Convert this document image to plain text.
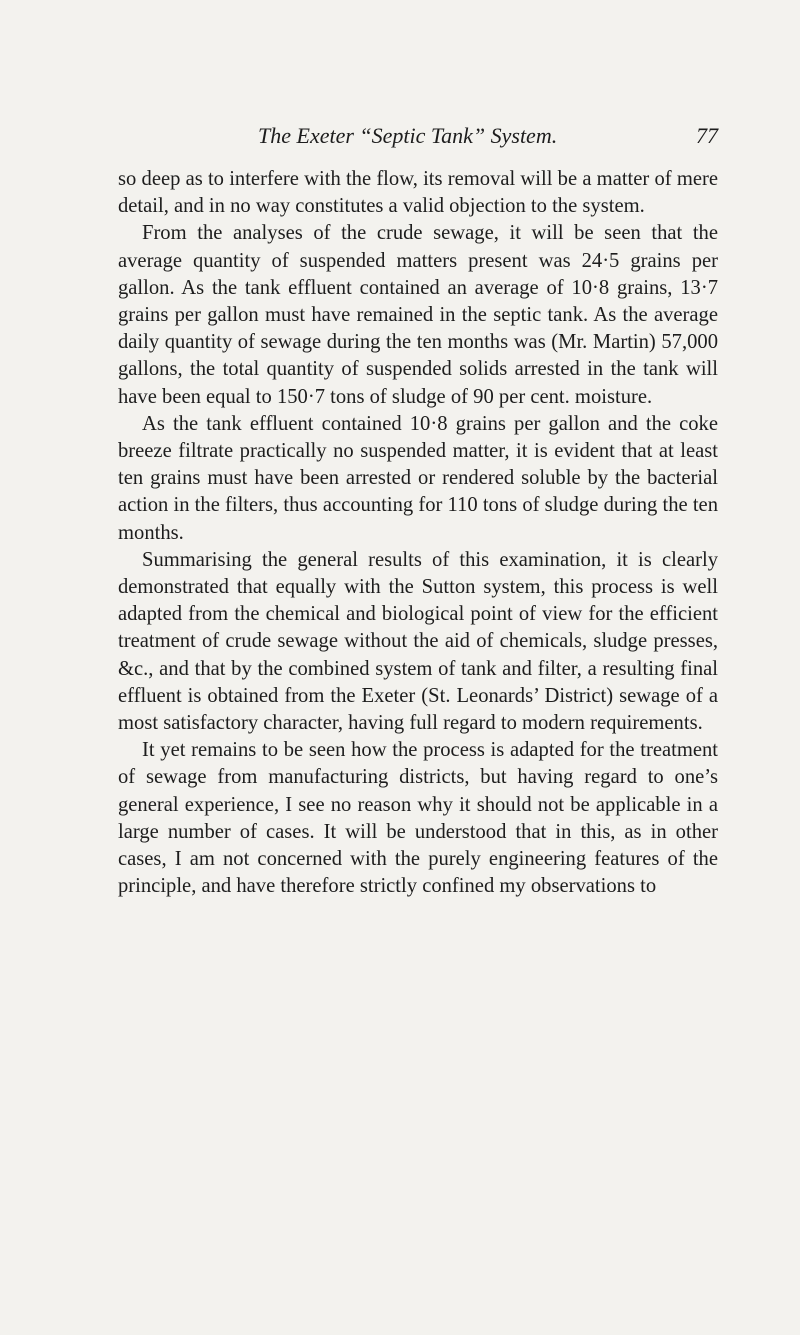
The Exeter “Septic Tank” System.	77

so deep as to interfere with the flow, its removal will be a matter of mere detail, and in no way constitutes a valid objection to the system.

From the analyses of the crude sewage, it will be seen that the average quantity of suspended matters present was 24·5 grains per gallon. As the tank effluent contained an average of 10·8 grains, 13·7 grains per gallon must have remained in the septic tank. As the average daily quantity of sewage during the ten months was (Mr. Martin) 57,000 gallons, the total quantity of suspended solids arrested in the tank will have been equal to 150·7 tons of sludge of 90 per cent. moisture.

As the tank effluent contained 10·8 grains per gallon and the coke breeze filtrate practically no suspended matter, it is evident that at least ten grains must have been arrested or rendered soluble by the bacterial action in the filters, thus accounting for 110 tons of sludge during the ten months.

Summarising the general results of this examination, it is clearly demonstrated that equally with the Sutton system, this process is well adapted from the chemical and biological point of view for the efficient treatment of crude sewage without the aid of chemicals, sludge presses, &c., and that by the combined system of tank and filter, a resulting final effluent is obtained from the Exeter (St. Leonards’ District) sewage of a most satisfactory character, having full regard to modern requirements.

It yet remains to be seen how the process is adapted for the treatment of sewage from manufacturing districts, but having regard to one’s general experience, I see no reason why it should not be applicable in a large number of cases. It will be understood that in this, as in other cases, I am not concerned with the purely engineering features of the principle, and have therefore strictly confined my observations to
